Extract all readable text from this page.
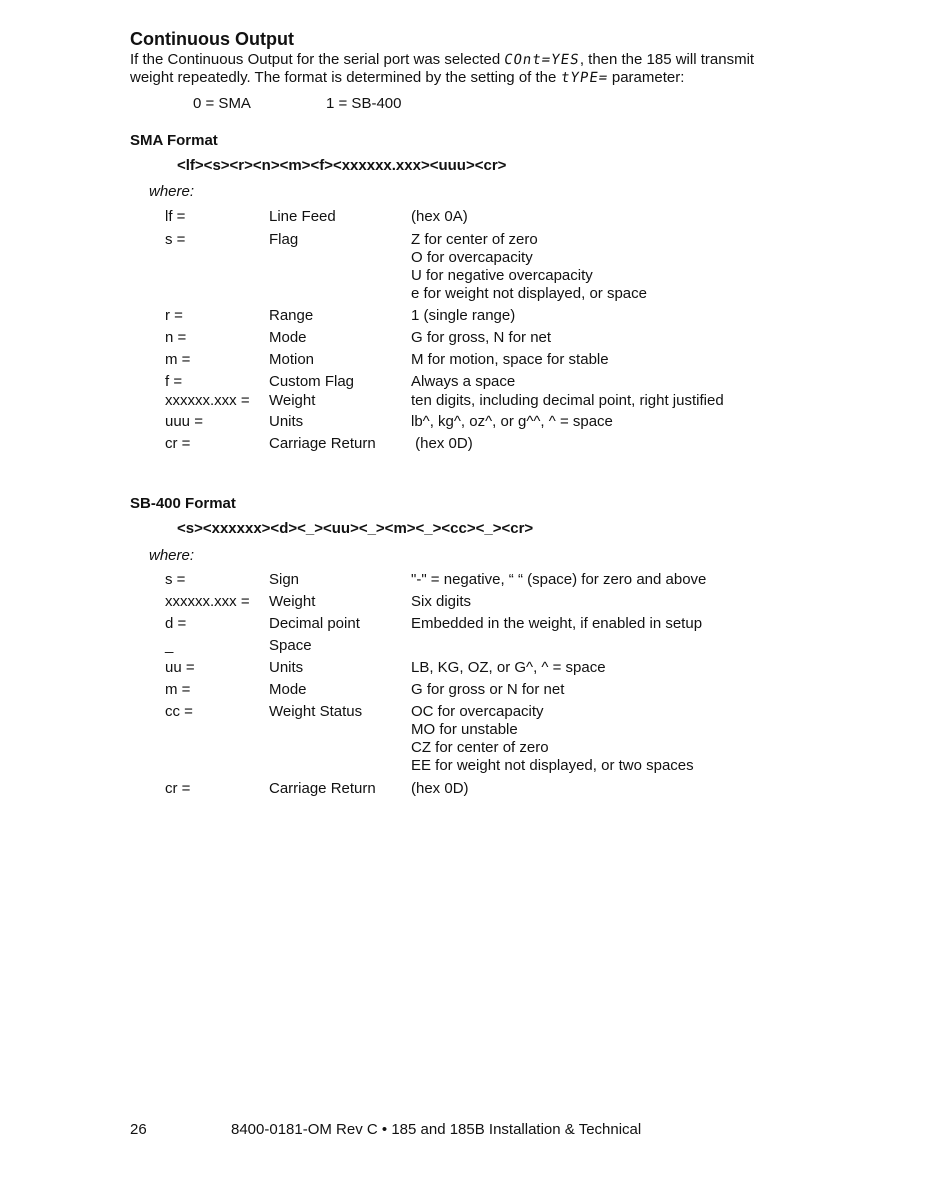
Continuous Output
If the Continuous Output for the serial port was selected COnt=YES, then the 185 will transmit
weight repeatedly. The format is determined by the setting of the tYPE= parameter:
0 = SMA	1 = SB-400
SMA Format
<lf><s><r><n><m><f><xxxxxx.xxx><uuu><cr>
where:
lf =	Line Feed	(hex 0A)
s =	Flag	Z for center of zero
O for overcapacity
U for negative overcapacity
e for weight not displayed, or space
r =	Range	1 (single range)
n =	Mode	G for gross, N for net
m =	Motion	M for motion, space for stable
f =	Custom Flag	Always a space
xxxxxx.xxx = Weight	ten digits, including decimal point, right justified
uuu =	Units	lb^, kg^, oz^, or g^^, ^ = space
cr =	Carriage Return (hex 0D)
SB-400 Format
<s><xxxxxx><d><_><uu><_><m><_><cc><_><cr>
where:
s =	Sign	"-" = negative, “ “ (space) for zero and above
xxxxxx.xxx = Weight	Six digits
d =	Decimal point	Embedded in the weight, if enabled in setup
_	Space
uu =	Units	LB, KG, OZ, or G^, ^ = space
m =	Mode	G for gross or N for net
cc =	Weight Status	OC for overcapacity
MO for unstable
CZ for center of zero
EE for weight not displayed, or two spaces
cr =	Carriage Return (hex 0D)
26	8400-0181-OM Rev C • 185 and 185B Installation & Technical
